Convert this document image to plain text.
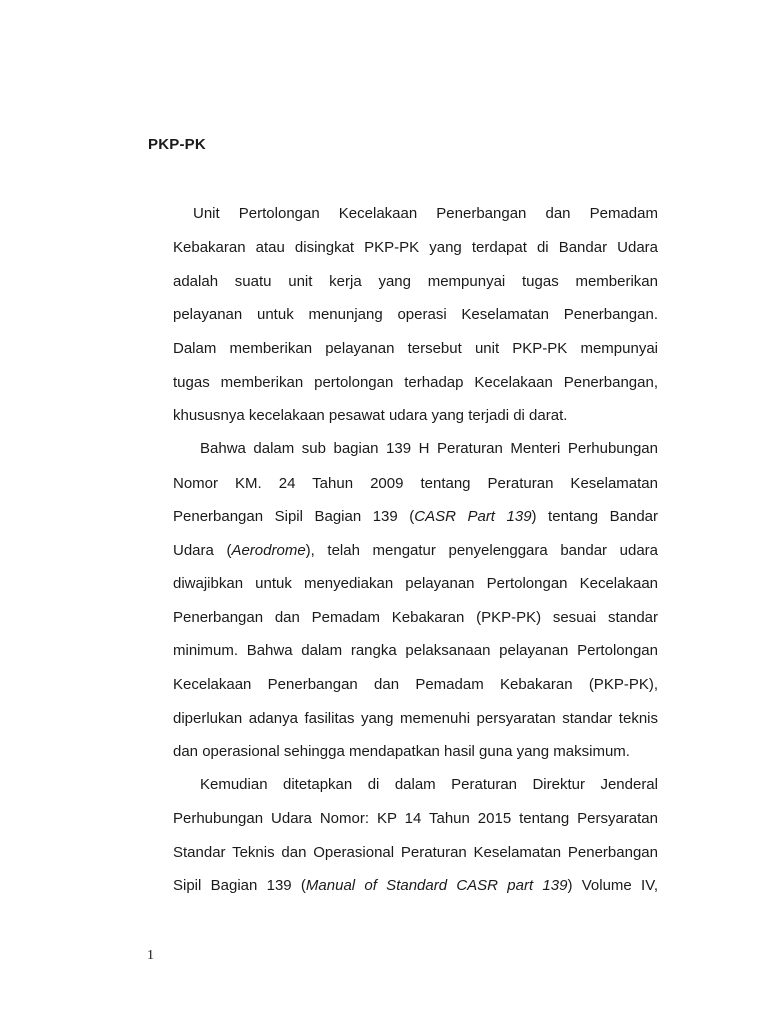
PKP-PK
Unit Pertolongan Kecelakaan Penerbangan dan Pemadam
Kebakaran atau disingkat PKP-PK yang terdapat di Bandar Udara
adalah suatu unit kerja yang mempunyai tugas memberikan
pelayanan untuk menunjang operasi Keselamatan Penerbangan.
Dalam memberikan pelayanan tersebut unit PKP-PK mempunyai
tugas memberikan pertolongan terhadap Kecelakaan Penerbangan,
khususnya kecelakaan pesawat udara yang terjadi di darat.
Bahwa dalam sub bagian 139 H Peraturan Menteri Perhubungan
Nomor KM. 24 Tahun 2009 tentang Peraturan Keselamatan
Penerbangan Sipil Bagian 139 (CASR Part 139) tentang Bandar
Udara (Aerodrome), telah mengatur penyelenggara bandar udara
diwajibkan untuk menyediakan pelayanan Pertolongan Kecelakaan
Penerbangan dan Pemadam Kebakaran (PKP-PK) sesuai standar
minimum. Bahwa dalam rangka pelaksanaan pelayanan Pertolongan
Kecelakaan Penerbangan dan Pemadam Kebakaran (PKP-PK),
diperlukan adanya fasilitas yang memenuhi persyaratan standar teknis
dan operasional sehingga mendapatkan hasil guna yang maksimum.
Kemudian ditetapkan di dalam Peraturan Direktur Jenderal
Perhubungan Udara Nomor: KP 14 Tahun 2015 tentang Persyaratan
Standar Teknis dan Operasional Peraturan Keselamatan Penerbangan
Sipil Bagian 139 (Manual of Standard CASR part 139) Volume IV,
1
